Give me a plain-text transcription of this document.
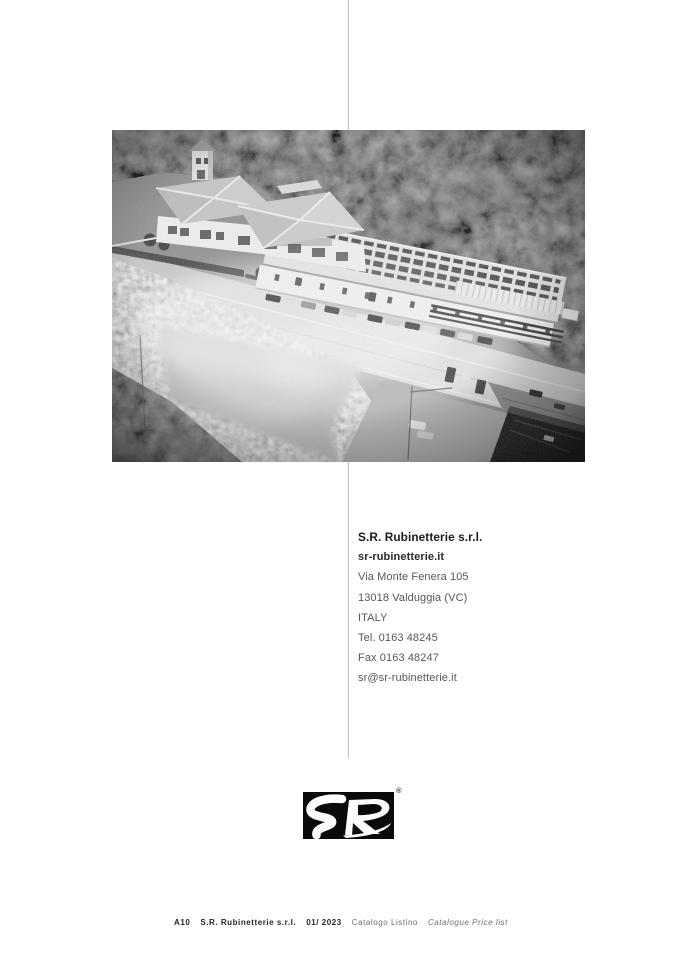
S.R. Rubinetterie s.r.l.

sr-rubinetterie.it

Via Monte Fenera 105

13018 Valduggia (VC)

ITALY

Tel. 0163 48245

Fax 0163 48247

sr@sr-rubinetterie.it

®
A10 S.R. Rubinetterie s.r.l. 01/ 2023 Catalogo Listino Catalogue Price list
